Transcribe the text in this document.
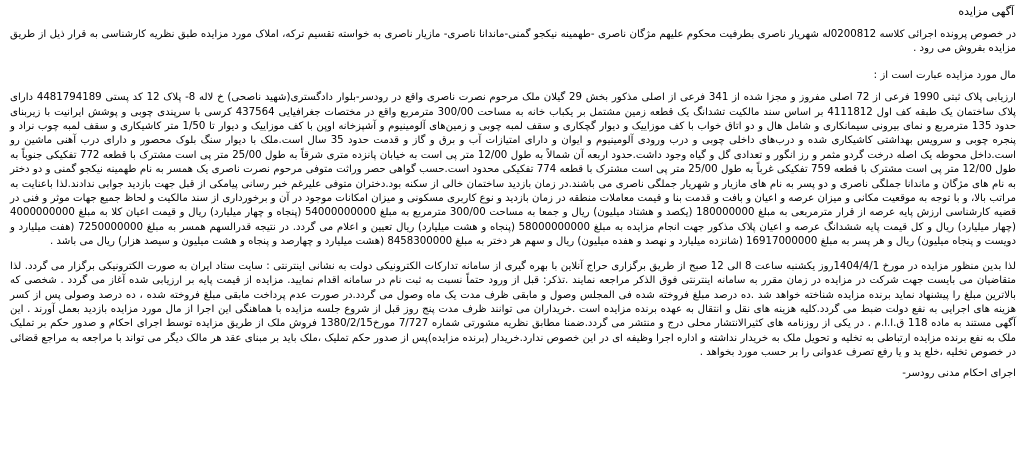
آگهی مزایده

در خصوص پرونده اجرائی کلاسه 0200812له شهریار ناصری بطرفیت محکوم علیهم مژگان ناصری -طهمینه نیکجو گمنی-ماندانا ناصری- مازیار ناصری به خواسته تقسیم ترکه، املاک مورد مزایده طبق نظریه کارشناسی به قرار ذیل از طریق مزایده بفروش می رود .

مال مورد مزایده عبارت است از :

ارزیابی پلاک ثبتی 1990 فرعی از 72 اصلی مفروز و مجزا شده از 341 فرعی از اصلی مذکور بخش 29 گیلان ملک مرحوم نصرت ناصری واقع در رودسر-بلوار دادگستری(شهید ناصحی) خ لاله 8- پلاک 12 کد پستی 4481794189 دارای پلاک ساختمان یک طبقه کف اول 4111812 بر اساس سند مالکیت تشدانگ یک قطعه زمین مشتمل بر یکباب خانه به مساحت 300/00 مترمربع واقع در مختصات جغرافیایی 437564 کرسی با سرپندی چوبی و پوشش ایرانیت با زیربنای حدود 135 مترمربع و نمای بیرونی سیمانکاری و شامل هال و دو اتاق خواب با کف موزاییک و دیوار گچکاری و سقف لمبه چوبی و زمین‌های آلومینیوم و آشپزخانه اوپن با کف موزاییک و دیوار تا 1/50 متر کاشیکاری و سقف لمبه چوب نراد و پنجره چوبی و سرویس بهداشتی کاشیکاری شده و درب‌های داخلی چوبی و درب ورودی آلومینیوم و ایوان و دارای امتیازات آب و برق و گاز و قدمت حدود 35 سال است.ملک با دیوار سنگ بلوک محصور و دارای درب آهنی ماشین رو است.داخل محوطه یک اصله درخت گردو مثمر و رز انگور و تعدادی گل و گیاه وجود داشت.حدود اربعه آن شمالاً به طول 12/00 متر پی است به خیابان پانزده متری شرقاً به طول 25/00 متر پی است مشترک با قطعه 772 تفکیکی جنوباً به طول 12/00 متر پی است مشترک با قطعه 759 تفکیکی غرباً به طول 25/00 متر پی است مشترک با قطعه 774 تفکیکی محدود است.حسب گواهی حصر وراثت متوفی مرحوم نصرت ناصری یک همسر به نام طهمینه نیکجو گمنی و دو دختر به نام های مژگان و ماندانا جملگی ناصری و دو پسر به نام های مازیار و شهریار جملگی ناصری می باشند.در زمان بازدید ساختمان خالی از سکنه بود.دختران متوفی علیرغم خبر رسانی پیامکی از قبل جهت بازدید جوابی ندادند.لذا باعنایت به مراتب بالا، و با توجه به موقعیت مکانی و میزان عرصه و اعیان و بافت و قدمت بنا و قیمت معاملات منطقه در زمان بازدید و نوع کاربری مسکونی و میزان امکانات موجود در آن و برخورداری از سند مالکیت و لحاظ جمیع جهات موثر و فنی در قضیه کارشناسی ارزش پایه عرصه از قرار مترمربعی به مبلغ 180000000 (یکصد و هشتاد میلیون) ریال و جمعا به مساحت 300/00 مترمربع به مبلغ 54000000000 (پنجاه و چهار میلیارد) ریال و قیمت اعیان کلا به مبلغ 4000000000 (چهار میلیارد) ریال و کل قیمت پایه ششدانگ عرصه و اعیان پلاک مذکور جهت انجام مزایده به مبلغ 58000000000 (پنجاه و هشت میلیارد) ریال تعیین و اعلام می گردد. در نتیجه قدرالسهم همسر به مبلغ 7250000000 (هفت میلیارد و دویست و پنجاه میلیون) ریال و هر پسر به مبلغ 16917000000 (شانزده میلیارد و نهصد و هفده میلیون) ریال و سهم هر دختر به مبلغ 8458300000 (هشت میلیارد و چهارصد و پنجاه و هشت میلیون و سیصد هزار) ریال می باشد .

لذا بدین منظور مزایده در مورخ 1404/4/1روز یکشنبه ساعت 8 الی 12 صبح از طریق برگزاری حراج آنلاین با بهره گیری از سامانه تدارکات الکترونیکی دولت به نشانی اینترنتی : سایت ستاد ایران به صورت الکترونیکی برگزار می گردد. لذا متقاضیان می بایست جهت شرکت در مزایده در زمان مقرر به سامانه اینترنتی فوق الذکر مراجعه نمایند .تذکر: قبل از ورود حتماً نسبت به ثبت نام در سامانه اقدام نمایید. مزایده از قیمت پایه بر ارزیابی شده آغاز می گردد . شخصی که بالاترین مبلغ را پیشنهاد نماید برنده مزایده شناخته خواهد شد .ده درصد مبلغ فروخته شده فی المجلس وصول و مابقی ظرف مدت یک ماه وصول می گردد.در صورت عدم پرداخت مابقی مبلغ فروخته شده ، ده درصد وصولی پس از کسر هزینه های اجرایی به نفع دولت ضبط می گردد.کلیه هزینه های نقل و انتقال به عهده برنده مزایده است .خریداران می توانند ظرف مدت پنج روز قبل از شروع جلسه مزایده با هماهنگی این اجرا از مال مورد مزایده بازدید بعمل آورند . این آگهی مستند به ماده 118 ق.ا.ا.م . در یکی از روزنامه های کثیرالانتشار محلی درج و منتشر می گردد.ضمنا مطابق نظریه مشورتی شماره 7/727 مورخ1380/2/15 فروش ملک از طریق مزایده توسط اجرای احکام و صدور حکم بر تملیک ملک به نفع برنده مزایده ارتباطی به تخلیه و تحویل ملک به خریدار نداشته و اداره اجرا وظیفه ای در این خصوص ندارد.خریدار (برنده مزایده)پس از صدور حکم تملیک ،ملک باید بر مبنای عقد هر مالک دیگر می تواند با مراجعه به مراجع قضائی در خصوص تخلیه ،خلع ید و یا رفع تصرف عدوانی را بر حسب مورد بخواهد .

اجرای احکام مدنی رودسر-
